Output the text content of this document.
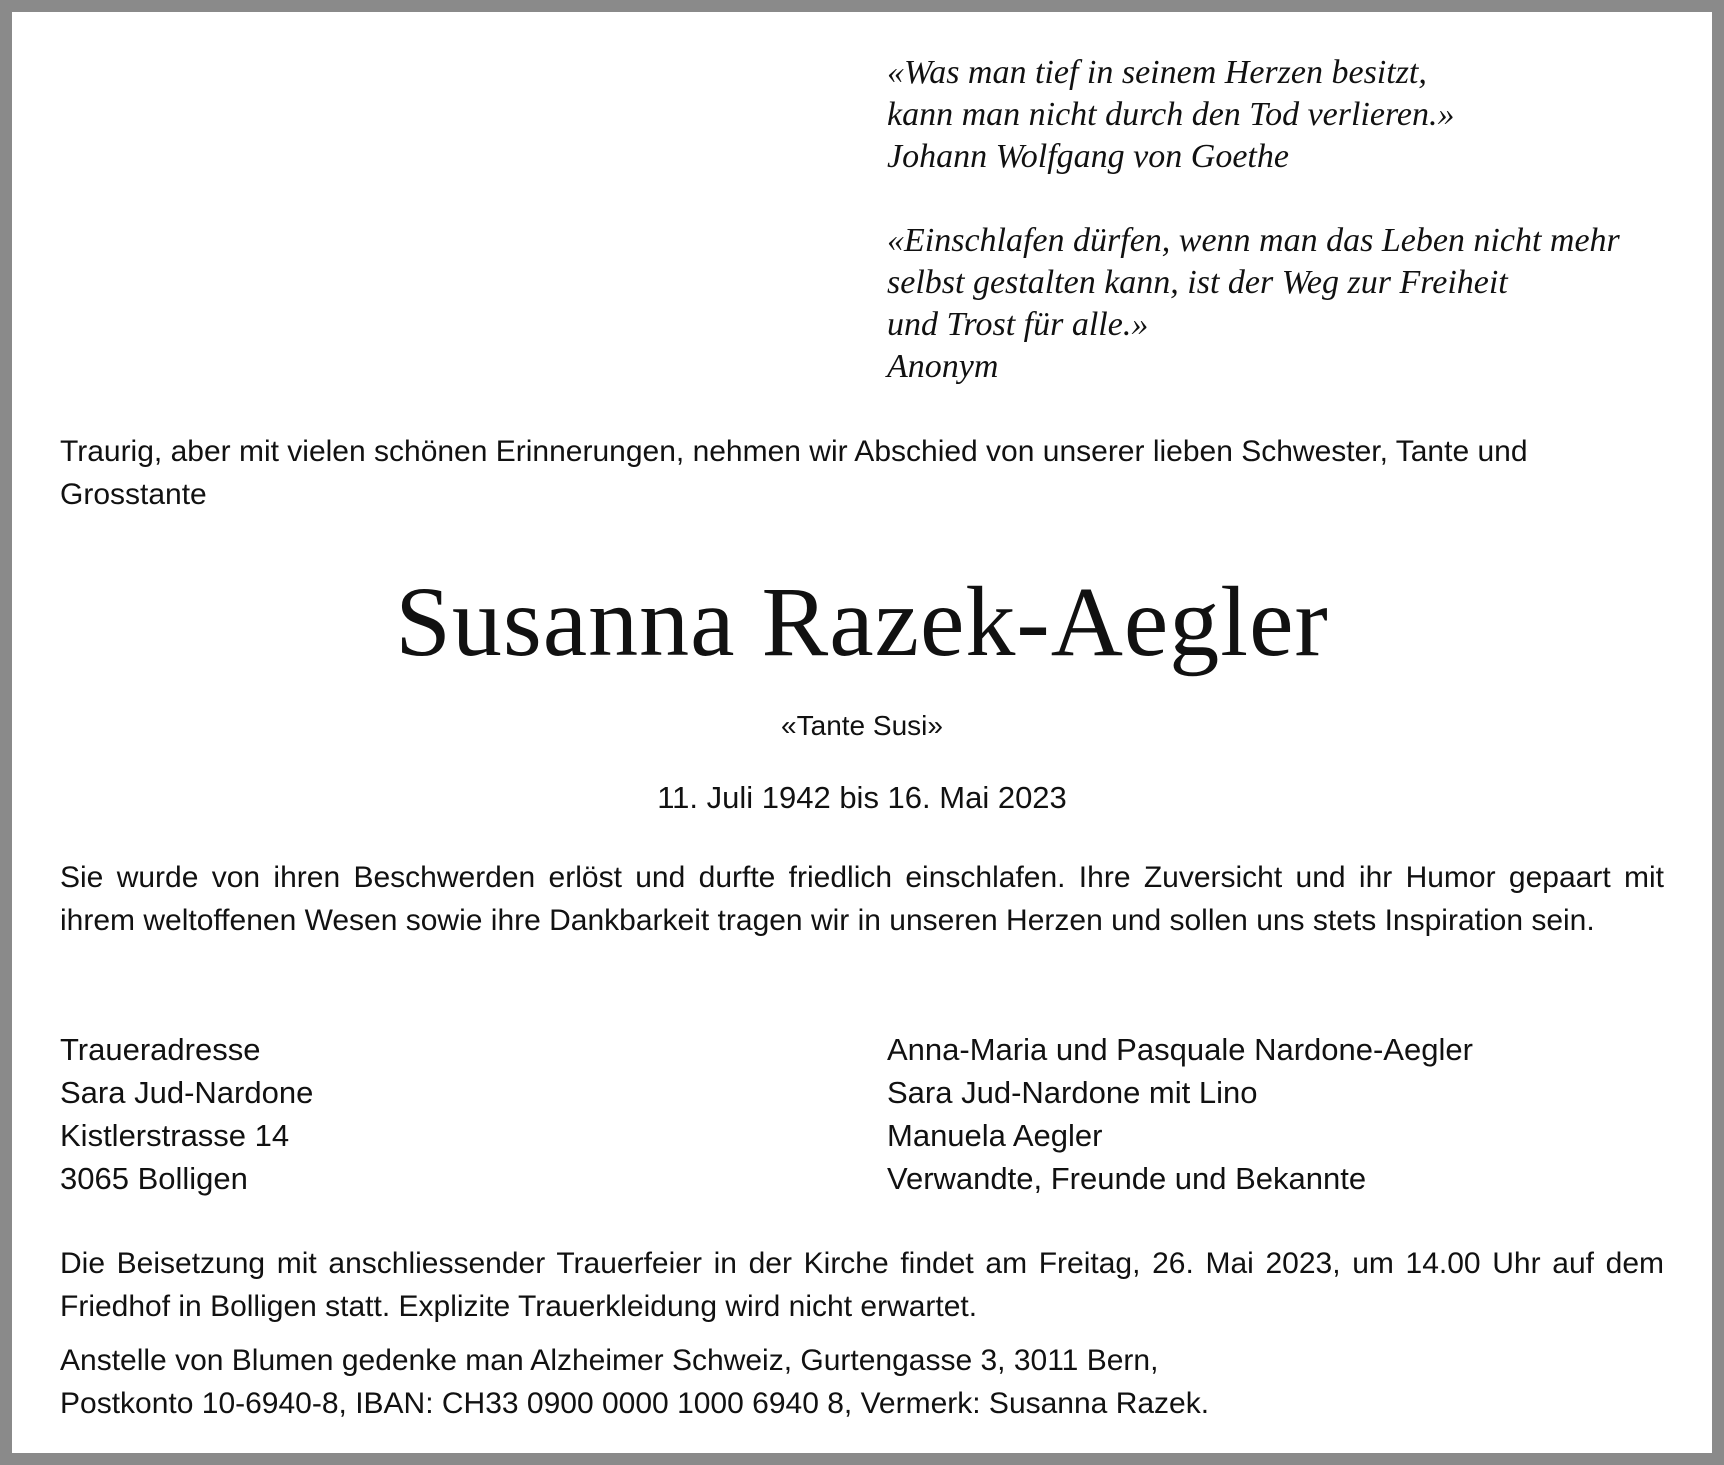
«Was man tief in seinem Herzen besitzt,
kann man nicht durch den Tod verlieren.»
Johann Wolfgang von Goethe

«Einschlafen dürfen, wenn man das Leben nicht mehr
selbst gestalten kann, ist der Weg zur Freiheit
und Trost für alle.»
Anonym

Traurig, aber mit vielen schönen Erinnerungen, nehmen wir Abschied von unserer lieben Schwester, Tante und Grosstante
Susanna Razek-Aegler
«Tante Susi»
11. Juli 1942 bis 16. Mai 2023
Sie wurde von ihren Beschwerden erlöst und durfte friedlich einschlafen. Ihre Zuversicht und ihr Humor gepaart mit ihrem weltoffenen Wesen sowie ihre Dankbarkeit tragen wir in unseren Herzen und sollen uns stets Inspiration sein.
Traueradresse
Sara Jud-Nardone
Kistlerstrasse 14
3065 Bolligen
Anna-Maria und Pasquale Nardone-Aegler
Sara Jud-Nardone mit Lino
Manuela Aegler
Verwandte, Freunde und Bekannte
Die Beisetzung mit anschliessender Trauerfeier in der Kirche findet am Freitag, 26. Mai 2023, um 14.00 Uhr auf dem Friedhof in Bolligen statt. Explizite Trauerkleidung wird nicht erwartet.
Anstelle von Blumen gedenke man Alzheimer Schweiz, Gurtengasse 3, 3011 Bern,
Postkonto 10-6940-8, IBAN: CH33 0900 0000 1000 6940 8, Vermerk: Susanna Razek.
